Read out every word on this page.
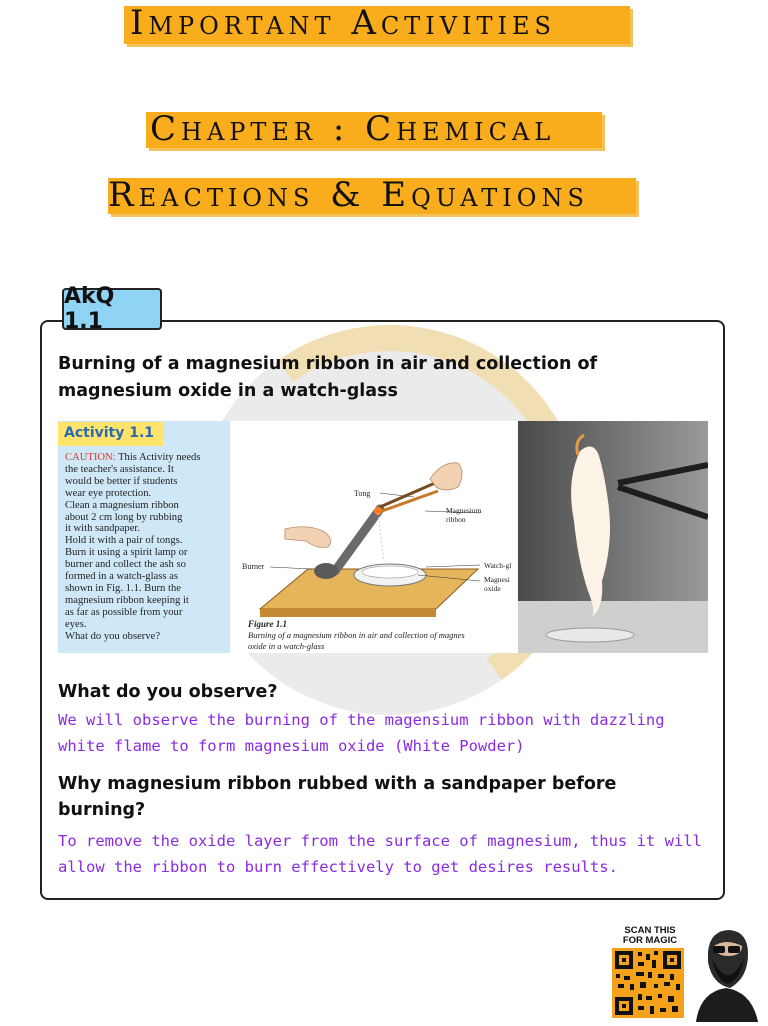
Important Activities
Chapter : Chemical
Reactions & Equations
AkQ 1.1
Burning of a magnesium ribbon in air and collection of
magnesium oxide in a watch-glass
Activity 1.1
CAUTION: This Activity needs
the teacher's assistance. It
would be better if students
wear eye protection.
Clean a magnesium ribbon
about 2 cm long by rubbing
it with sandpaper.
Hold it with a pair of tongs.
Burn it using a spirit lamp or
burner and collect the ash so
formed in a watch-glass as
shown in Fig. 1.1. Burn the
magnesium ribbon keeping it
as far as possible from your
eyes.
What do you observe?
Tong
Magnesium
ribbon
Burner	Watch-gl
Magnesi
oxide
Figure 1.1
Burning of a magnesium ribbon in air and collection of magnes
oxide in a watch-glass
What do you observe?
We will observe the burning of the magensium ribbon with dazzling
white flame to form magnesium oxide (White Powder)
Why magnesium ribbon rubbed with a sandpaper before
burning?
To remove the oxide layer from the surface of magnesium, thus it will
allow the ribbon to burn effectively to get desires results.
SCAN THIS
FOR MAGIC
